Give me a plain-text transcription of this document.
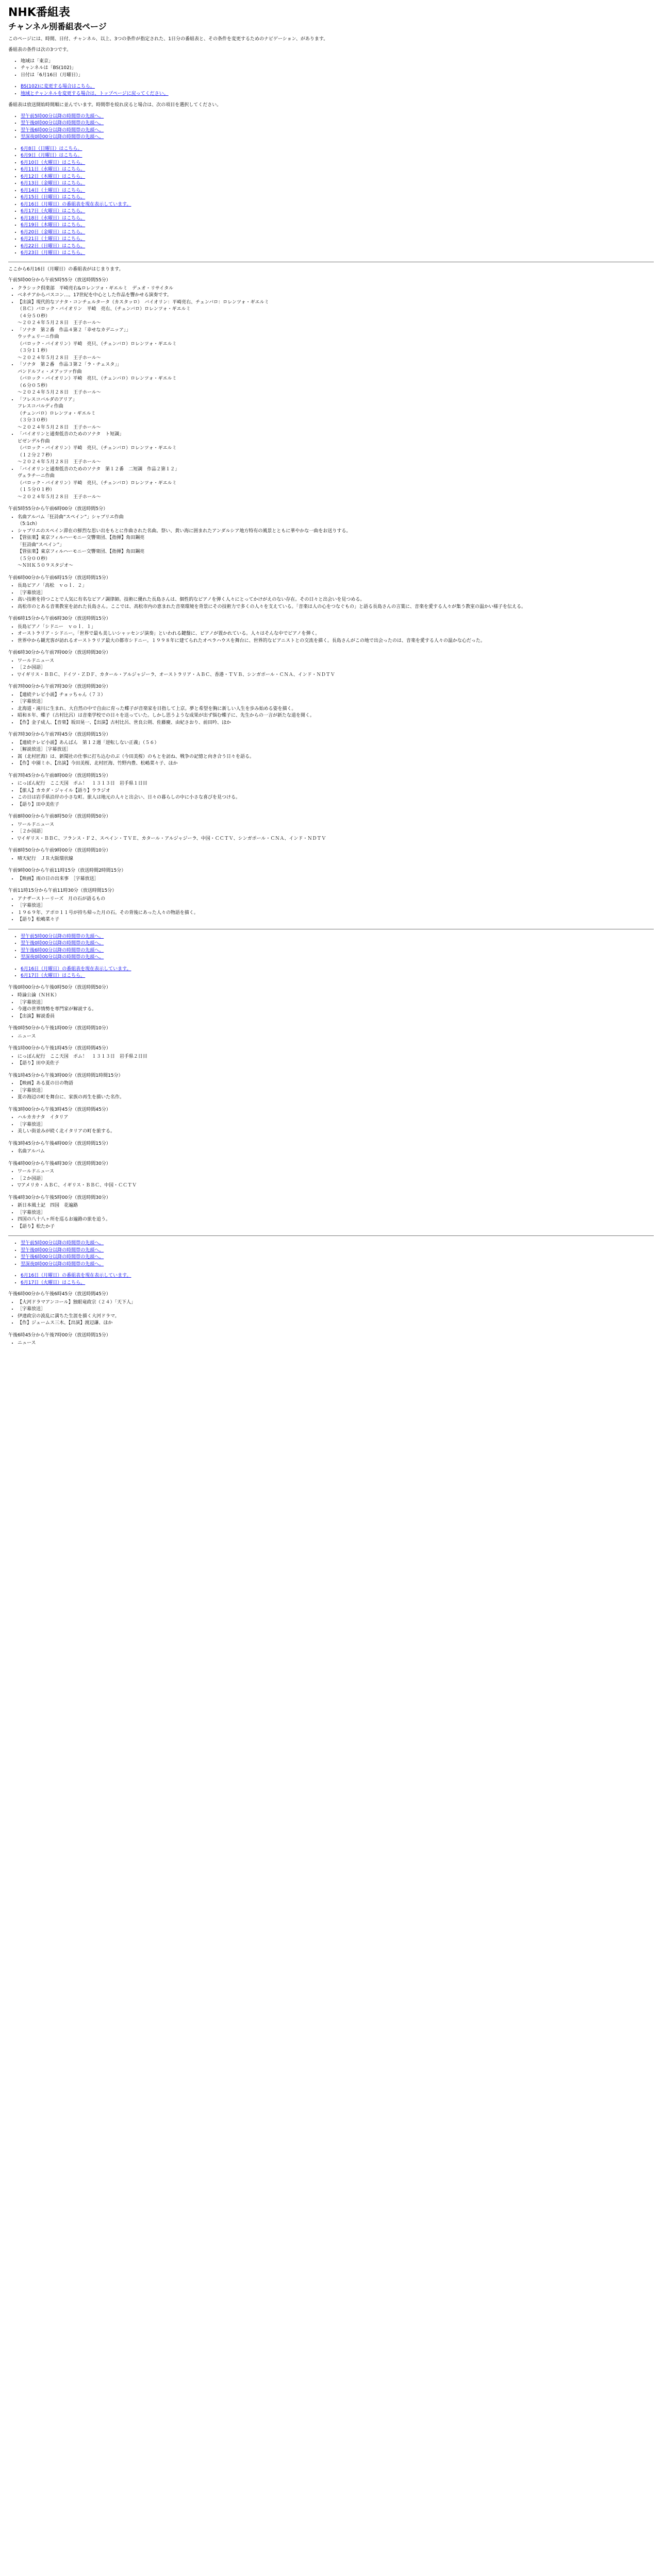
NHK番組表
チャンネル別番組表ページ

このページには、時間、日付、チャンネル、以上、3つの条件が指定された、1日分の番組表と、その条件を変更するためのナビゲーション、があります。

番組表の条件は次の3つです。

• 地域は「東京」
• チャンネルは「BS(102)」
• 日付は「6月16日（月曜日）」
• BS(102)に変更する場合はこちら。
• 地域とチャンネルを変更する場合は、トップページに戻ってください。

番組表は放送開始時間順に並んでいます。時間帯を絞れ戻ると場合は、次の項目を選択してください。

• 翌午前5時00分以降の時間帯の先頭へ。
• 翌午後0時00分以降の時間帯の先頭へ。
• 翌午後6時00分以降の時間帯の先頭へ。
• 翌深夜0時00分以降の時間帯の先頭へ。
• 6月8日（日曜日）はこちら。
• 6月9日（月曜日）はこちら。
• 6月10日（火曜日）はこちら。
• 6月11日（水曜日）はこちら。
• 6月12日（木曜日）はこちら。
• 6月13日（金曜日）はこちら。
• 6月14日（土曜日）はこちら。
• 6月15日（日曜日）はこちら。
• 6月16日（月曜日）の番組表を現在表示しています。
• 6月17日（火曜日）はこちら。
• 6月18日（水曜日）はこちら。
• 6月19日（木曜日）はこちら。
• 6月20日（金曜日）はこちら。
• 6月21日（土曜日）はこちら。
• 6月22日（日曜日）はこちら。
• 6月23日（月曜日）はこちら。

ここから6月16日（月曜日）の番組表がはじまります。

午前5時00分から午前5時55分（放送時間55分）

• クラシック倶楽部　平崎亮右&ロレンツォ・ギエルミ　デュオ・リサイタル
• ベネチアからバスコン…。17世紀を中心とした作品を響かせる演奏です。
• 【出演】現代的なソナタ・コンチェルタータ（カスタッロ）　バイオリン：平崎亮右、チェンバロ：ロレンツォ・ギエルミ
（ＢＣ）バロック・バイオリン　平崎　亮右、（チェンバロ）ロレンツォ・ギエルミ
（４分５０秒）
〜２０２４年５月２８日　王子ホール〜
• 「ソナタ　第２番　作品４第２「幸せなカデニッア」」
ウッチェリーニ作曲
（バロック・バイオリン）平崎　亮只、（チェンバロ）ロレンツォ・ギエルミ
（３分１１秒）
〜２０２４年５月２８日　王子ホール〜
• 「ソナタ　第２番　作品３第２「ラ・チェスタ」」
パンドルフィ・メアッツァ作曲
（バロック・バイオリン）平崎　亮只、（チェンバロ）ロレンツォ・ギエルミ
（６分０５秒）
〜２０２４年５月２８日　王子ホール〜
• 「フレスコバルダのアリア」
フレスコバルディ作曲
（チェンバロ）ロレンツォ・ギエルミ
（３分３０秒）
〜２０２４年５月２８日　王子ホール〜
• 「バイオリンと通奏低音のためのソナタ　ト短調」
ビゼンデル作曲
（バロック・バイオリン）平崎　亮只、（チェンバロ）ロレンツォ・ギエルミ
（１２分２７秒）
〜２０２４年５月２８日　王子ホール〜
• 「バイオリンと通奏低音のためのソナタ　第１２番　二短調　作品２第１２」
ヴェラチーニ作曲
（バロック・バイオリン）平崎　亮只、（チェンバロ）ロレンツォ・ギエルミ
（１５分０１秒）
〜２０２４年５月２８日　王子ホール〜

午前5時55分から午前6時00分（放送時間5分）

• 名曲アルバム「狂詩曲“スペイン”」シャブリエ作曲
（5:1ch）
• シャブリエのスペイン滞在の鮮烈な思い出をもとに作曲された名曲。祭い、黄い海に囲まれたアンダルシア地方特有の風景とともに華やかな一曲をお送りする。
• 【管弦楽】東京フィルハーモニー交響楽団、【指揮】角田鋼亮
「狂詩曲“スペイン”」
【管弦楽】東京フィルハーモニー交響楽団、【指揮】角田鋼亮
（５分００秒）
〜ＮＨＫ５０９スタジオ〜

午前6時00分から午前6時15分（放送時間15分）

• 長島ピアノ「高松　ｖｏｌ．２」
• ［字幕放送］
• 高い技術を持つことで人気に有名なピアノ調律師。技術に優れた長島さんは、個性的なピアノを弾く人々にとってかけがえのない存在。その日々と出会いを見つめる。
• 高松市のとある音楽教室を訪れた長島さん。ここでは、高松市内の恵まれた音楽環境を背景にその技術力で多くの人々を支えている。「音楽は人の心をつなぐもの」と語る長島さんの言葉に、音楽を愛する人々が集う教室の温かい様子を伝える。

午前6時15分から午前6時30分（放送時間15分）

• 長島ピアノ「シドニー　ｖｏｌ．１」
• オーストラリア・シドニー。「世界で最も美しいシャッセンジ演奏」といわれる鍵盤に、ピアノが置かれている。人々はそんな中でピアノを弾く。
• 世界中から観光客が訪れるオーストラリア最大の都市シドニー。１９９８年に建てられたオペラハウスを舞台に、世界的なピアニストとの交流を描く。長島さんがこの地で出会ったのは、音楽を愛する人々の温かな心だった。

午前6時30分から午前7時00分（放送時間30分）

• ワールドニュース
• ［２か国語］
• ▽イギリス・ＢＢＣ、ドイツ・ＺＤＦ、カタール・アルジャジーラ、オーストラリア・ＡＢＣ、香港・ＴＶＢ、シンガポール・ＣＮＡ、インド・ＮＤＴＶ

午前7時00分から午前7時30分（放送時間30分）

• 【連続テレビ小説】チョッちゃん（７３）
• ［字幕放送］
• 北海道・滝川に生まれ、大自然の中で自由に育った蝶子が音楽家を目指して上京。夢と希望を胸に新しい人生を歩み始める姿を描く。
• 昭和８年、蝶子（古村比呂）は音楽学校での日々を送っていた。しかし思うような成果が出ず悩む蝶子に、先生からの一言が新たな道を開く。
• 【作】金子成人、【音楽】坂田晃一、【出演】古村比呂、世良公則、佐藤慶、由紀さおり、前田吟、ほか

午前7時30分から午前7時45分（放送時間15分）

• 【連続テレビ小説】あんぱん　第１２週「逆転しない正義」（５６）
• ［解説放送］［字幕放送］
• 嵩（北村匠海）は、新聞社の仕事に打ち込むのぶ（今田美桜）のもとを訪ね、戦争の記憶と向き合う日々を語る。
• 【作】中園ミホ、【出演】今田美桜、北村匠海、竹野内豊、松嶋菜々子、ほか

午前7時45分から午前8時00分（放送時間15分）

• にっぽん紀行　ここ天国　ポム！　１３１３日　岩手県１日目
• 【旅人】カカダ・ジャイル【語り】ウラジオ
• この日は岩手県沿岸の小さな町。旅人は地元の人々と出会い、日々の暮らしの中に小さな喜びを見つける。
• 【語り】田中美佐子

午前8時00分から午前8時50分（放送時間50分）

• ワールドニュース
• ［２か国語］
• ▽イギリス・ＢＢＣ、フランス・Ｆ２、スペイン・ＴＶＥ、カタール・アルジャジーラ、中国・ＣＣＴＶ、シンガポール・ＣＮＡ、インド・ＮＤＴＶ

午前8時50分から午前9時00分（放送時間10分）

• 晴天紀行　ＪＲ大阪環状線

午前9時00分から午前11時15分（放送時間2時間15分）

• 【映画】雨の日の出来事　［字幕放送］

午前11時15分から午前11時30分（放送時間15分）

• アナザーストーリーズ　月の石が語るもの
• ［字幕放送］
• １９６９年、アポロ１１号が持ち帰った月の石。その背後にあった人々の物語を描く。
• 【語り】松嶋菜々子
• 翌午前5時00分以降の時間帯の先頭へ。
• 翌午後0時00分以降の時間帯の先頭へ。
• 翌午後6時00分以降の時間帯の先頭へ。
• 翌深夜0時00分以降の時間帯の先頭へ。
• 6月16日（月曜日）の番組表を現在表示しています。
• 6月17日（火曜日）はこちら。

午後0時00分から午後0時50分（放送時間50分）

• 時論公論（ＮＨＫ）
• ［字幕放送］
• 今週の世界情勢を専門家が解説する。
• 【出演】解説委員

午後0時50分から午後1時00分（放送時間10分）

• ニュース

午後1時00分から午後1時45分（放送時間45分）

• にっぽん紀行　ここ天国　ポム！　１３１３日　岩手県２日目
• 【語り】田中美佐子

午後1時45分から午後3時00分（放送時間1時間15分）

• 【映画】ある夏の日の物語
• ［字幕放送］
• 夏の海辺の町を舞台に、家族の再生を描いた名作。

午後3時00分から午後3時45分（放送時間45分）

• ハルカカナタ　イタリア
• ［字幕放送］
• 美しい街並みが続く北イタリアの町を旅する。

午後3時45分から午後4時00分（放送時間15分）

• 名曲アルバム

午後4時00分から午後4時30分（放送時間30分）

• ワールドニュース
• ［２か国語］
• ▽アメリカ・ＡＢＣ、イギリス・ＢＢＣ、中国・ＣＣＴＶ

午後4時30分から午後5時00分（放送時間30分）

• 新日本風土記　四国　花遍路
• ［字幕放送］
• 四国の八十八ヶ所を巡るお遍路の旅を追う。
• 【語り】松たか子
• 翌午前5時00分以降の時間帯の先頭へ。
• 翌午後0時00分以降の時間帯の先頭へ。
• 翌午後6時00分以降の時間帯の先頭へ。
• 翌深夜0時00分以降の時間帯の先頭へ。
• 6月16日（月曜日）の番組表を現在表示しています。
• 6月17日（火曜日）はこちら。

午後6時00分から午後6時45分（放送時間45分）

• 【大河ドラマアンコール】独眼竜政宗（２４）「天下人」
• ［字幕放送］
• 伊達政宗の波乱に満ちた生涯を描く大河ドラマ。
• 【作】ジェームス三木、【出演】渡辺謙、ほか

午後6時45分から午後7時00分（放送時間15分）

• ニュース
